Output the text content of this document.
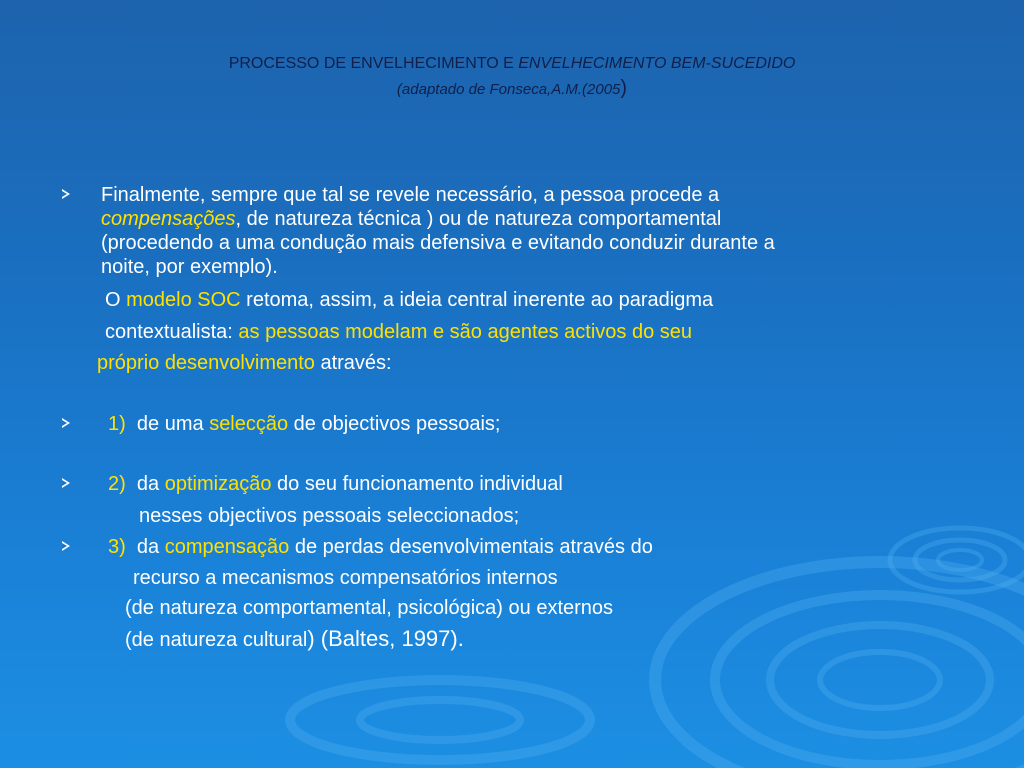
PROCESSO DE ENVELHECIMENTO E ENVELHECIMENTO BEM-SUCEDIDO
(adaptado de Fonseca,A.M.(2005)
Finalmente, sempre que tal se revele necessário, a pessoa procede a
compensações, de natureza técnica ) ou de natureza comportamental
(procedendo a uma condução mais defensiva e evitando conduzir durante a
noite, por exemplo).
O modelo SOC retoma, assim, a ideia central inerente ao paradigma
contextualista: as pessoas modelam e são agentes activos do seu
próprio desenvolvimento através:
1) de uma selecção de objectivos pessoais;
2) da optimização do seu funcionamento individual
nesses objectivos pessoais seleccionados;
3) da compensação de perdas desenvolvimentais através do
recurso a mecanismos compensatórios internos
(de natureza comportamental, psicológica) ou externos
(de natureza cultural) (Baltes, 1997).
